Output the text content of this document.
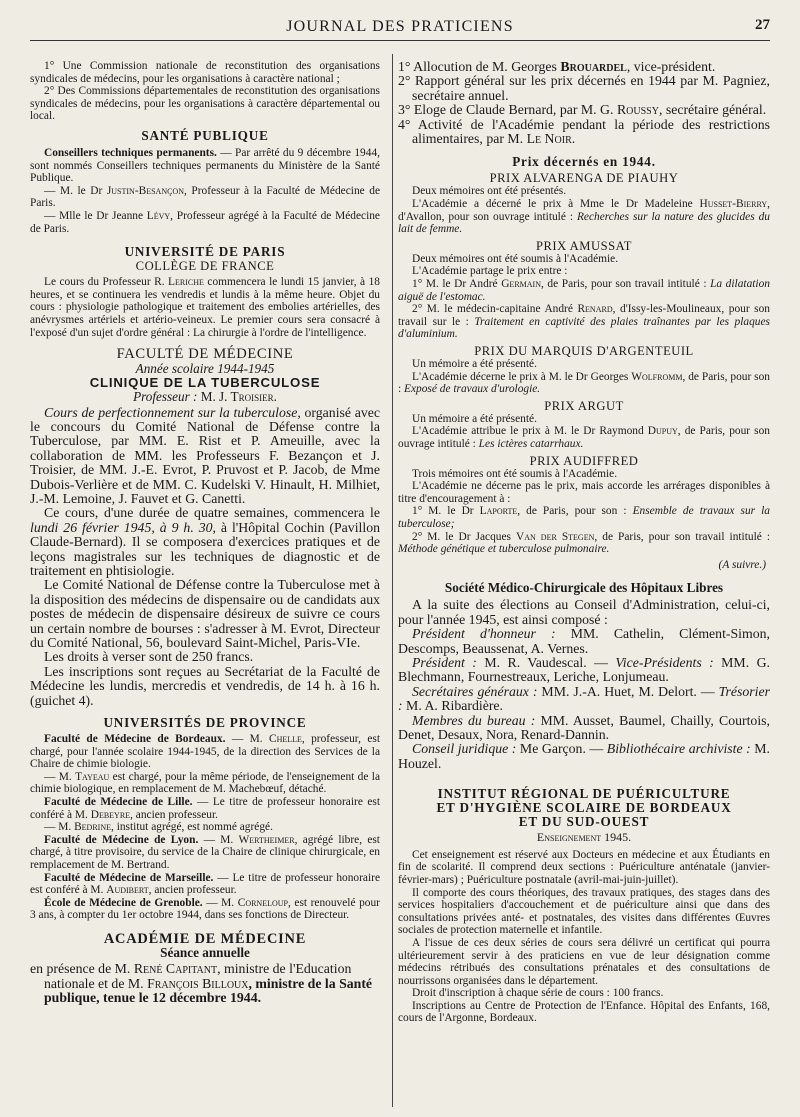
JOURNAL DES PRATICIENS	27

1° Une Commission nationale de reconstitution des organisations syndicales de médecins, pour les organisations à caractère national ;

2° Des Commissions départementales de reconstitution des organisations syndicales de médecins, pour les organisations à caractère départemental ou local.

SANTÉ PUBLIQUE

Conseillers techniques permanents. — Par arrêté du 9 décembre 1944, sont nommés Conseillers techniques permanents du Ministère de la Santé Publique.

— M. le Dr Justin-Besançon, Professeur à la Faculté de Médecine de Paris.

— Mlle le Dr Jeanne Lévy, Professeur agrégé à la Faculté de Médecine de Paris.

UNIVERSITÉ DE PARIS

COLLÈGE DE FRANCE

Le cours du Professeur R. Leriche commencera le lundi 15 janvier, à 18 heures, et se continuera les vendredis et lundis à la même heure. Objet du cours : physiologie pathologique et traitement des embolies artérielles, des anévrysmes artériels et artério-veineux. Le premier cours sera consacré à l'exposé d'un sujet d'ordre général : La chirurgie à l'ordre de l'intelligence.

FACULTÉ DE MÉDECINE

Année scolaire 1944-1945

CLINIQUE DE LA TUBERCULOSE

Professeur : M. J. Troisier.

Cours de perfectionnement sur la tuberculose, organisé avec le concours du Comité National de Défense contre la Tuberculose, par MM. E. Rist et P. Ameuille, avec la collaboration de MM. les Professeurs F. Bezançon et J. Troisier, de MM. J.-E. Evrot, P. Pruvost et P. Jacob, de Mme Dubois-Verlière et de MM. C. Kudelski V. Hinault, H. Milhiet, J.-M. Lemoine, J. Fauvet et G. Canetti.

Ce cours, d'une durée de quatre semaines, commencera le lundi 26 février 1945, à 9 h. 30, à l'Hôpital Cochin (Pavillon Claude-Bernard). Il se composera d'exercices pratiques et de leçons magistrales sur les techniques de diagnostic et de traitement en phtisiologie.

Le Comité National de Défense contre la Tuberculose met à la disposition des médecins de dispensaire ou de candidats aux postes de médecin de dispensaire désireux de suivre ce cours un certain nombre de bourses : s'adresser à M. Evrot, Directeur du Comité National, 56, boulevard Saint-Michel, Paris-VIe.

Les droits à verser sont de 250 francs.

Les inscriptions sont reçues au Secrétariat de la Faculté de Médecine les lundis, mercredis et vendredis, de 14 h. à 16 h. (guichet 4).

UNIVERSITÉS DE PROVINCE

Faculté de Médecine de Bordeaux. — M. Chelle, professeur, est chargé, pour l'année scolaire 1944-1945, de la direction des Services de la Chaire de chimie biologie.

— M. Tayeau est chargé, pour la même période, de l'enseignement de la chimie biologique, en remplacement de M. Machebœuf, détaché.

Faculté de Médecine de Lille. — Le titre de professeur honoraire est conféré à M. Debeyre, ancien professeur.

— M. Bedrine, institut agrégé, est nommé agrégé.

Faculté de Médecine de Lyon. — M. Wertheimer, agrégé libre, est chargé, à titre provisoire, du service de la Chaire de clinique chirurgicale, en remplacement de M. Bertrand.

Faculté de Médecine de Marseille. — Le titre de professeur honoraire est conféré à M. Audibert, ancien professeur.

École de Médecine de Grenoble. — M. Corneloup, est renouvelé pour 3 ans, à compter du 1er octobre 1944, dans ses fonctions de Directeur.

ACADÉMIE DE MÉDECINE

Séance annuelle

en présence de M. René Capitant, ministre de l'Education nationale et de M. François Billoux, ministre de la Santé publique, tenue le 12 décembre 1944.

1° Allocution de M. Georges Brouardel, vice-président.

2° Rapport général sur les prix décernés en 1944 par M. Pagniez, secrétaire annuel.

3° Eloge de Claude Bernard, par M. G. Roussy, secrétaire général.

4° Activité de l'Académie pendant la période des restrictions alimentaires, par M. Le Noir.

Prix décernés en 1944.

PRIX ALVARENGA DE PIAUHY

Deux mémoires ont été présentés.

L'Académie a décerné le prix à Mme le Dr Madeleine Husset-Bierry, d'Avallon, pour son ouvrage intitulé : Recherches sur la nature des glucides du lait de femme.

PRIX AMUSSAT

Deux mémoires ont été soumis à l'Académie.

L'Académie partage le prix entre :

1° M. le Dr André Germain, de Paris, pour son travail intitulé : La dilatation aiguë de l'estomac.

2° M. le médecin-capitaine André Renard, d'Issy-les-Moulineaux, pour son travail sur le : Traitement en captivité des plaies traînantes par les plaques d'aluminium.

PRIX DU MARQUIS D'ARGENTEUIL

Un mémoire a été présenté.

L'Académie décerne le prix à M. le Dr Georges Wolfromm, de Paris, pour son : Exposé de travaux d'urologie.

PRIX ARGUT

Un mémoire a été présenté.

L'Académie attribue le prix à M. le Dr Raymond Dupuy, de Paris, pour son ouvrage intitulé : Les ictères catarrhaux.

PRIX AUDIFFRED

Trois mémoires ont été soumis à l'Académie.

L'Académie ne décerne pas le prix, mais accorde les arrérages disponibles à titre d'encouragement à :

1° M. le Dr Laporte, de Paris, pour son : Ensemble de travaux sur la tuberculose;

2° M. le Dr Jacques Van der Stegen, de Paris, pour son travail intitulé : Méthode génétique et tuberculose pulmonaire.

(A suivre.)

Société Médico-Chirurgicale des Hôpitaux Libres

A la suite des élections au Conseil d'Administration, celui-ci, pour l'année 1945, est ainsi composé :

Président d'honneur : MM. Cathelin, Clément-Simon, Descomps, Beaussenat, A. Vernes.

Président : M. R. Vaudescal. — Vice-Présidents : MM. G. Blechmann, Fournestreaux, Leriche, Lonjumeau.

Secrétaires généraux : MM. J.-A. Huet, M. Delort. — Trésorier : M. A. Ribardière.

Membres du bureau : MM. Ausset, Baumel, Chailly, Courtois, Denet, Desaux, Nora, Renard-Dannin.

Conseil juridique : Me Garçon. — Bibliothécaire archiviste : M. Houzel.

INSTITUT RÉGIONAL DE PUÉRICULTURE

ET D'HYGIÈNE SCOLAIRE DE BORDEAUX

ET DU SUD-OUEST

Enseignement 1945.

Cet enseignement est réservé aux Docteurs en médecine et aux Étudiants en fin de scolarité. Il comprend deux sections : Puériculture anténatale (janvier-février-mars) ; Puériculture postnatale (avril-mai-juin-juillet).

Il comporte des cours théoriques, des travaux pratiques, des stages dans des services hospitaliers d'accouchement et de puériculture ainsi que dans des consultations privées anté- et postnatales, des visites dans différentes Œuvres sociales de protection maternelle et infantile.

A l'issue de ces deux séries de cours sera délivré un certificat qui pourra ultérieurement servir à des praticiens en vue de leur désignation comme médecins rétribués des consultations prénatales et des consultations de nourrissons organisées dans le département.

Droit d'inscription à chaque série de cours : 100 francs.

Inscriptions au Centre de Protection de l'Enfance. Hôpital des Enfants, 168, cours de l'Argonne, Bordeaux.
